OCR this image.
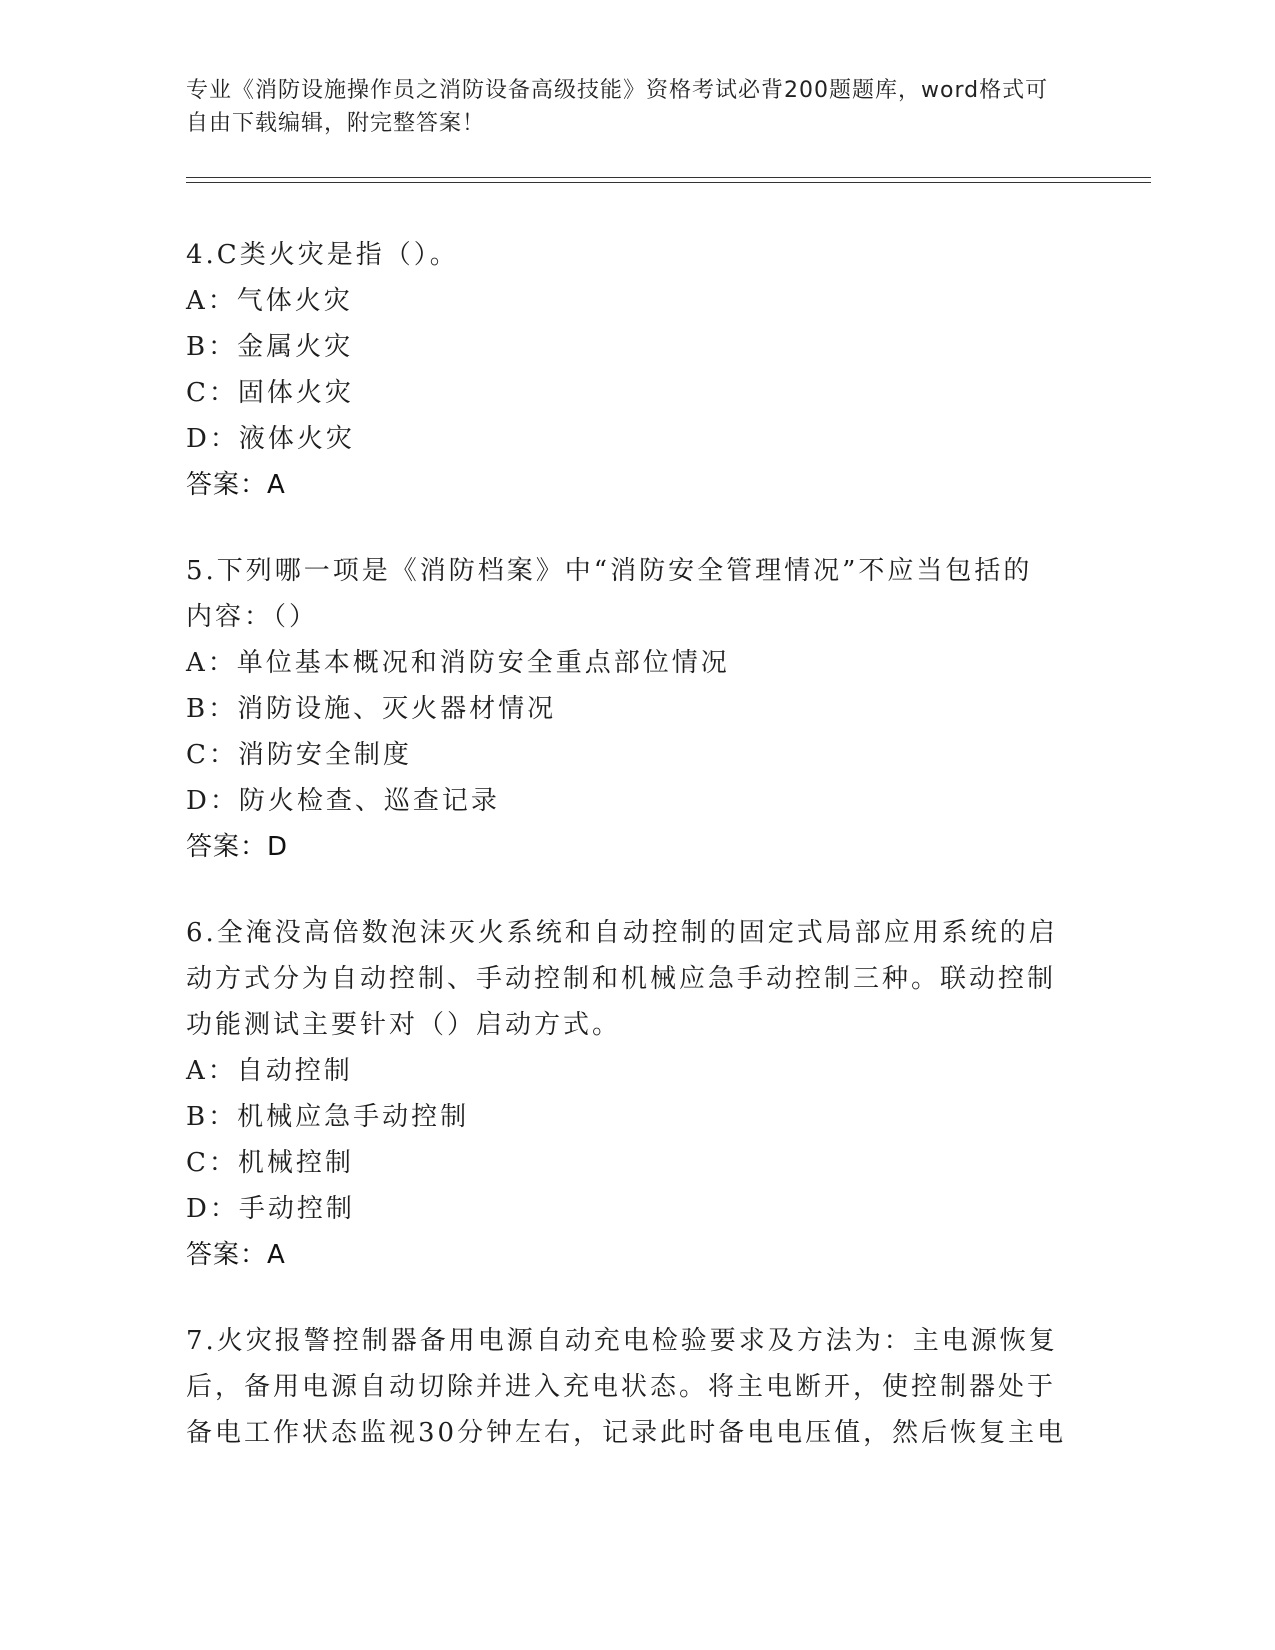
专业《消防设施操作员之消防设备高级技能》资格考试必背200题题库，word格式可自由下载编辑，附完整答案！
4.C类火灾是指（）。
A：气体火灾
B：金属火灾
C：固体火灾
D：液体火灾
答案：A
5.下列哪一项是《消防档案》中“消防安全管理情况”不应当包括的
内容：（）
A：单位基本概况和消防安全重点部位情况
B：消防设施、灭火器材情况
C：消防安全制度
D：防火检查、巡查记录
答案：D
6.全淹没高倍数泡沫灭火系统和自动控制的固定式局部应用系统的启
动方式分为自动控制、手动控制和机械应急手动控制三种。联动控制
功能测试主要针对（）启动方式。
A：自动控制
B：机械应急手动控制
C：机械控制
D：手动控制
答案：A
7.火灾报警控制器备用电源自动充电检验要求及方法为：主电源恢复
后，备用电源自动切除并进入充电状态。将主电断开，使控制器处于
备电工作状态监视30分钟左右，记录此时备电电压值，然后恢复主电
